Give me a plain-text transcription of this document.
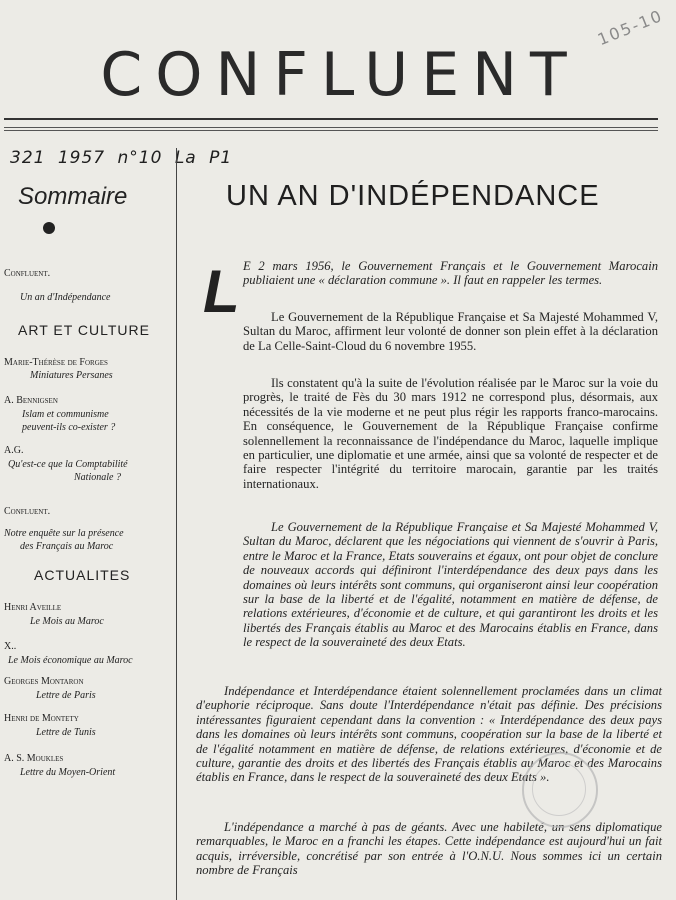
CONFLUENT
105-10
321 1957 n°10 La P1
Sommaire
Confluent.
Un an d'Indépendance
ART ET CULTURE
Marie-Thérèse de Forges
Miniatures Persanes
A. Bennigsen
Islam et communisme
peuvent-ils co-exister ?
A.G.
Qu'est-ce que la Comptabilité
Nationale ?
Confluent.
Notre enquête sur la présence
des Français au Maroc
ACTUALITES
Henri Aveille
Le Mois au Maroc
X..
Le Mois économique au Maroc
Georges Montaron
Lettre de Paris
Henri de Montety
Lettre de Tunis
A. S. Moukles
Lettre du Moyen-Orient
UN AN D'INDÉPENDANCE
L E 2 mars 1956, le Gouvernement Français et le Gouvernement Marocain publiaient une « déclaration commune ». Il faut en rappeler les termes.
Le Gouvernement de la République Française et Sa Majesté Mohammed V, Sultan du Maroc, affirment leur volonté de donner son plein effet à la déclaration de La Celle-Saint-Cloud du 6 novembre 1955.
Ils constatent qu'à la suite de l'évolution réalisée par le Maroc sur la voie du progrès, le traité de Fès du 30 mars 1912 ne correspond plus, désormais, aux nécessités de la vie moderne et ne peut plus régir les rapports franco-marocains. En conséquence, le Gouvernement de la République Française confirme solennellement la reconnaissance de l'indépendance du Maroc, laquelle implique en particulier, une diplomatie et une armée, ainsi que sa volonté de respecter et de faire respecter l'intégrité du territoire marocain, garantie par les traités internationaux.
Le Gouvernement de la République Française et Sa Majesté Mohammed V, Sultan du Maroc, déclarent que les négociations qui viennent de s'ouvrir à Paris, entre le Maroc et la France, Etats souverains et égaux, ont pour objet de conclure de nouveaux accords qui définiront l'interdépendance des deux pays dans les domaines où leurs intérêts sont communs, qui organiseront ainsi leur coopération sur la base de la liberté et de l'égalité, notamment en matière de défense, de relations extérieures, d'économie et de culture, et qui garantiront les droits et les libertés des Français établis au Maroc et des Marocains établis en France, dans le respect de la souveraineté des deux Etats.
Indépendance et Interdépendance étaient solennellement proclamées dans un climat d'euphorie réciproque. Sans doute l'Interdépendance n'était pas définie. Des précisions intéressantes figuraient cependant dans la convention : « Interdépendance des deux pays dans les domaines où leurs intérêts sont communs, coopération sur la base de la liberté et de l'égalité notamment en matière de défense, de relations extérieures, d'économie et de culture, garantie des droits et des libertés des Français établis au Maroc et des Marocains établis en France, dans le respect de la souveraineté des deux Etats ».
L'indépendance a marché à pas de géants. Avec une habileté, un sens diplomatique remarquables, le Maroc en a franchi les étapes. Cette indépendance est aujourd'hui un fait acquis, irréversible, concrétisé par son entrée à l'O.N.U. Nous sommes ici un certain nombre de Français
